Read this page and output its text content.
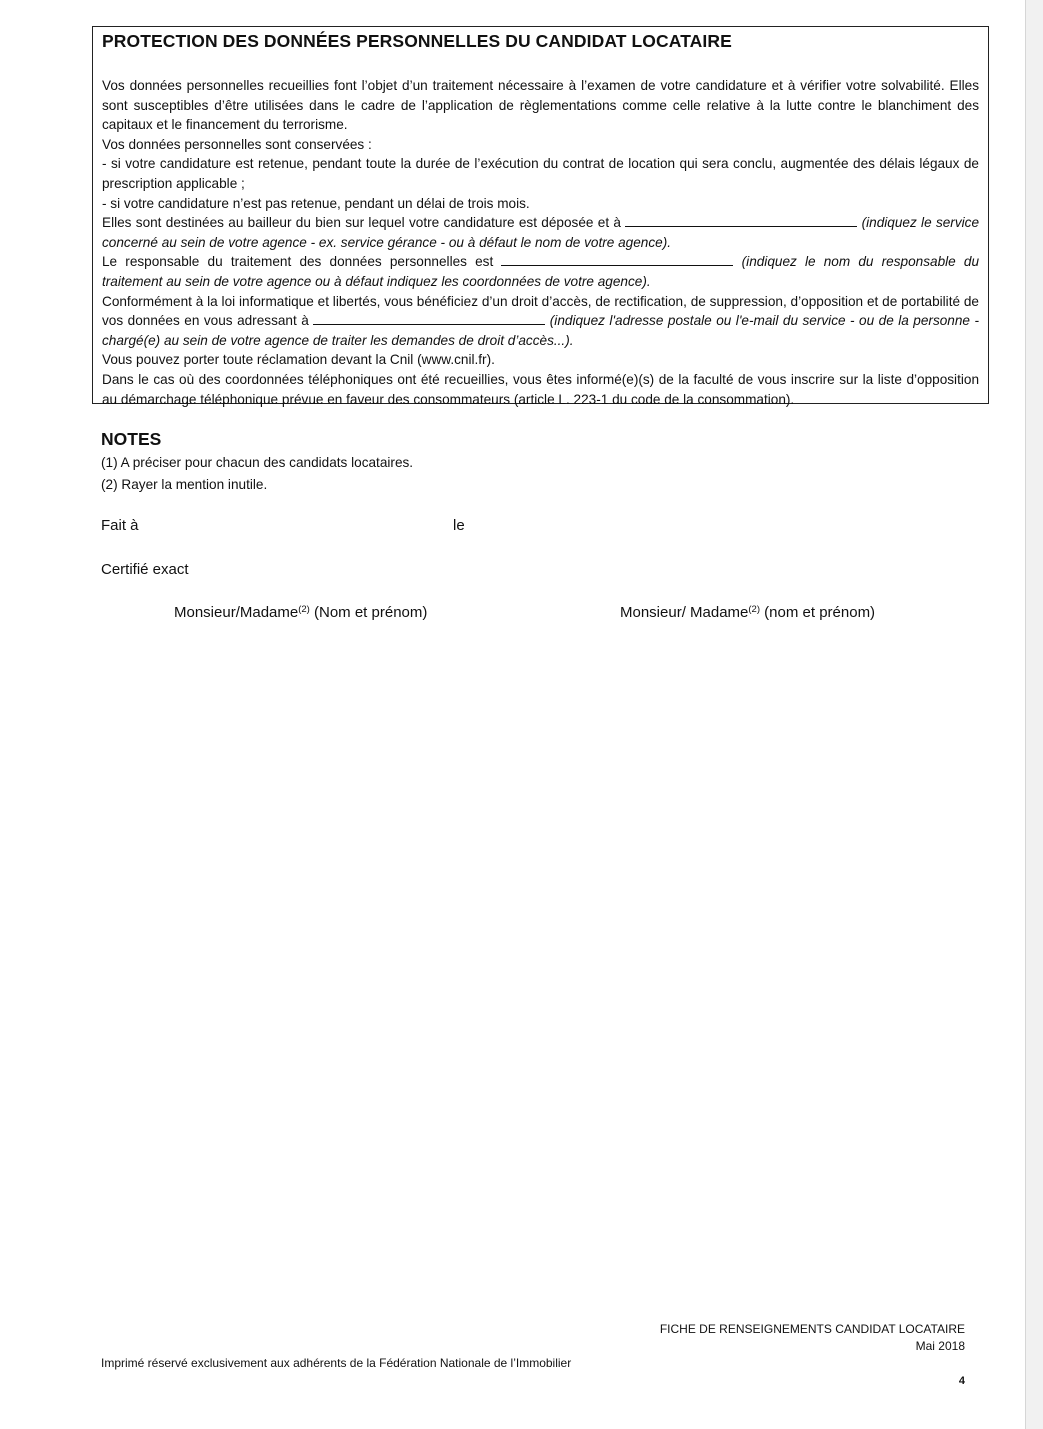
PROTECTION DES DONNÉES PERSONNELLES DU CANDIDAT LOCATAIRE

Vos données personnelles recueillies font l’objet d’un traitement nécessaire à l’examen de votre candidature et à vérifier votre solvabilité. Elles sont susceptibles d’être utilisées dans le cadre de l’application de règlementations comme celle relative à la lutte contre le blanchiment des capitaux et le financement du terrorisme.

Vos données personnelles sont conservées :

- si votre candidature est retenue, pendant toute la durée de l’exécution du contrat de location qui sera conclu, augmentée des délais légaux de prescription applicable ;

- si votre candidature n’est pas retenue, pendant un délai de trois mois.

Elles sont destinées au bailleur du bien sur lequel votre candidature est déposée et à	(indiquez le service concerné au sein de votre agence - ex. service gérance - ou à défaut le nom de votre agence).

Le responsable du traitement des données personnelles est	(indiquez le nom du responsable du traitement au sein de votre agence ou à défaut indiquez les coordonnées de votre agence).

Conformément à la loi informatique et libertés, vous bénéficiez d’un droit d’accès, de rectification, de suppression, d’opposition et de portabilité de vos données en vous adressant à	(indiquez l'adresse postale ou l'e-mail du service - ou de la personne - chargé(e) au sein de votre agence de traiter les demandes de droit d’accès...).

Vous pouvez porter toute réclamation devant la Cnil (www.cnil.fr).

Dans le cas où des coordonnées téléphoniques ont été recueillies, vous êtes informé(e)(s) de la faculté de vous inscrire sur la liste d’opposition au démarchage téléphonique prévue en faveur des consommateurs (article L. 223-1 du code de la consommation).

NOTES
(1) A préciser pour chacun des candidats locataires.
(2) Rayer la mention inutile.
Fait à	le
Certifié exact
Monsieur/Madame$^{(2)}$ (Nom et prénom)	Monsieur/ Madame$^{(2)}$ (nom et prénom)
FICHE DE RENSEIGNEMENTS CANDIDAT LOCATAIRE
Mai 2018
Imprimé réservé exclusivement aux adhérents de la Fédération Nationale de l’Immobilier
4
